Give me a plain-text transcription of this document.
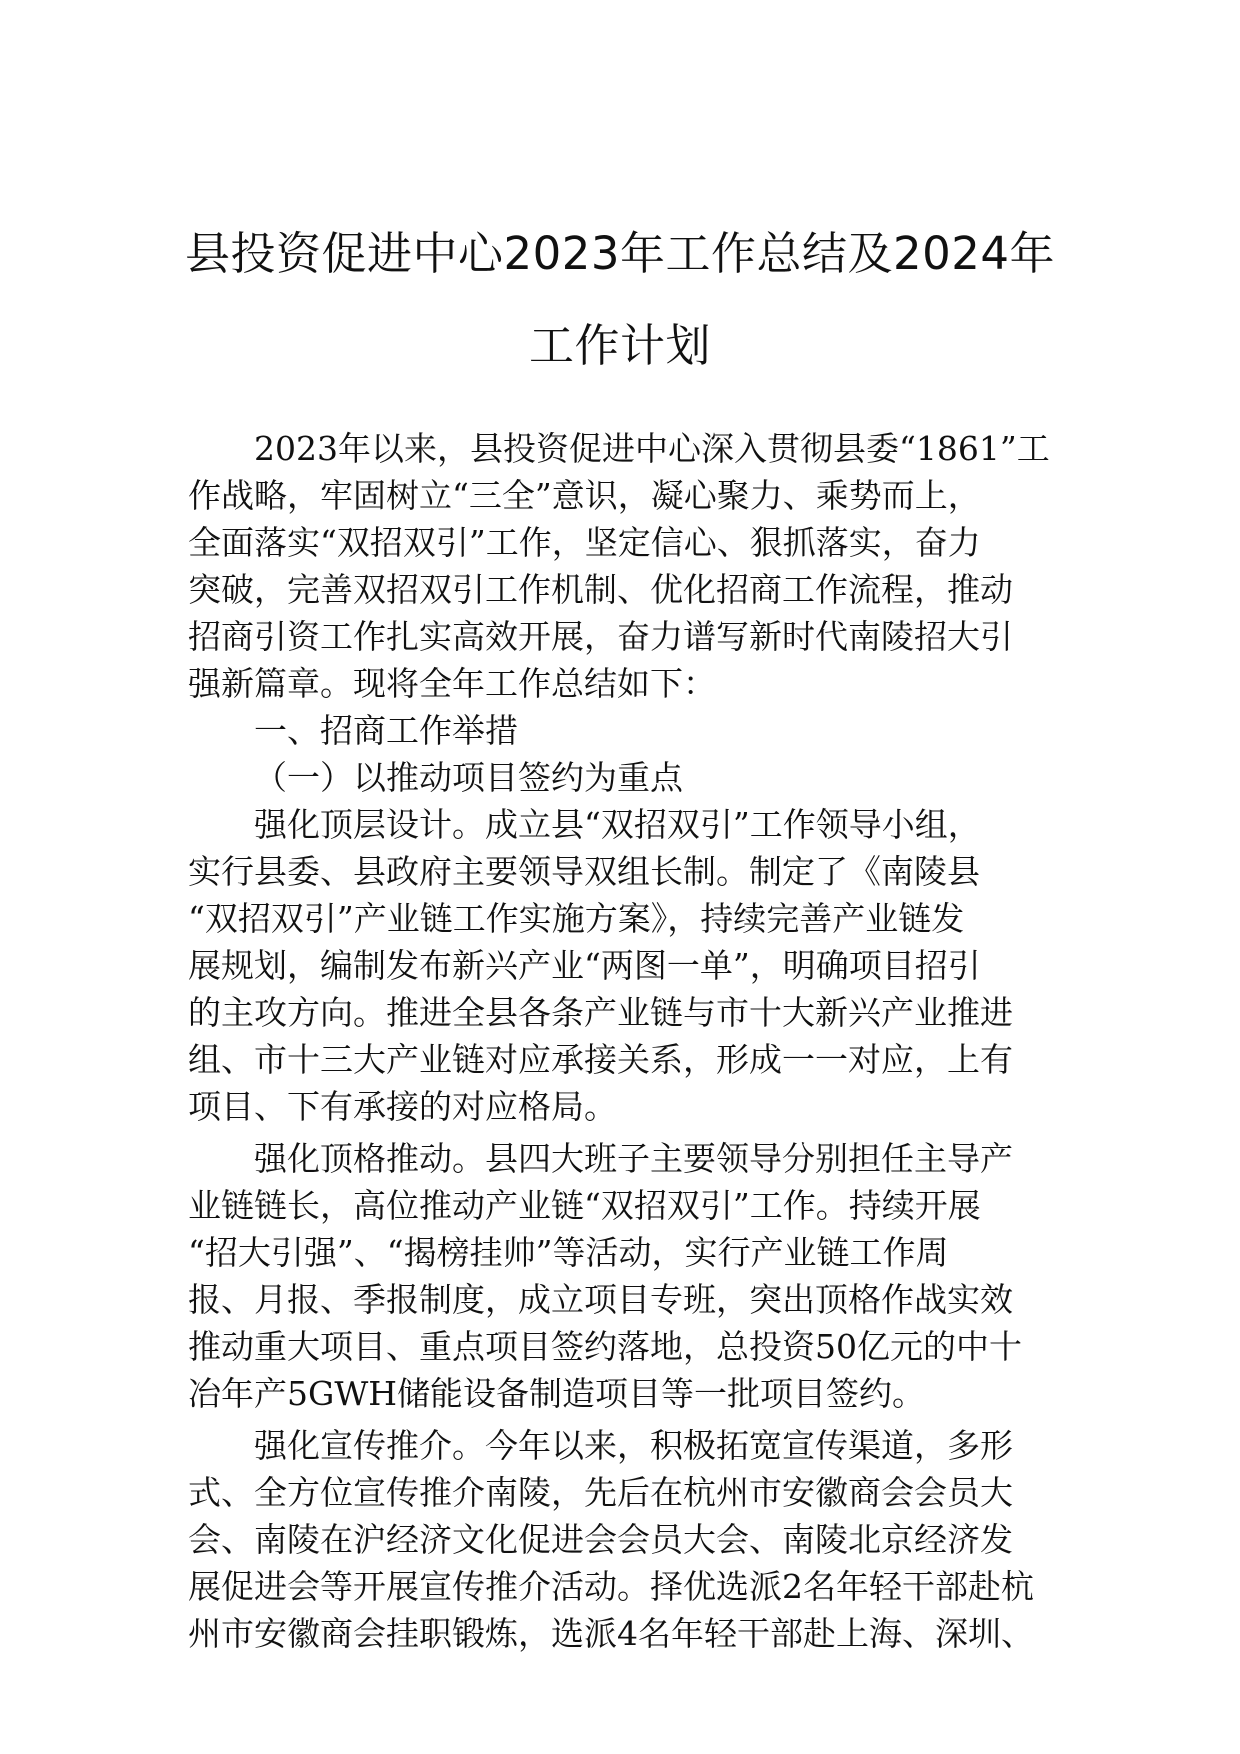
县投资促进中心2023年工作总结及2024年
工作计划
2023年以来，县投资促进中心深入贯彻县委“1861”工
作战略，牢固树立“三全”意识，凝心聚力、乘势而上，
全面落实“双招双引”工作，坚定信心、狠抓落实，奋力
突破，完善双招双引工作机制、优化招商工作流程，推动
招商引资工作扎实高效开展，奋力谱写新时代南陵招大引
强新篇章。现将全年工作总结如下：
一、招商工作举措
（一）以推动项目签约为重点
强化顶层设计。成立县“双招双引”工作领导小组，
实行县委、县政府主要领导双组长制。制定了《南陵县
“双招双引”产业链工作实施方案》，持续完善产业链发
展规划，编制发布新兴产业“两图一单”，明确项目招引
的主攻方向。推进全县各条产业链与市十大新兴产业推进
组、市十三大产业链对应承接关系，形成一一对应，上有
项目、下有承接的对应格局。
强化顶格推动。县四大班子主要领导分别担任主导产
业链链长，高位推动产业链“双招双引”工作。持续开展
“招大引强”、“揭榜挂帅”等活动，实行产业链工作周
报、月报、季报制度，成立项目专班，突出顶格作战实效
推动重大项目、重点项目签约落地，总投资50亿元的中十
冶年产5GWH储能设备制造项目等一批项目签约。
强化宣传推介。今年以来，积极拓宽宣传渠道，多形
式、全方位宣传推介南陵，先后在杭州市安徽商会会员大
会、南陵在沪经济文化促进会会员大会、南陵北京经济发
展促进会等开展宣传推介活动。择优选派2名年轻干部赴杭
州市安徽商会挂职锻炼，选派4名年轻干部赴上海、深圳、
